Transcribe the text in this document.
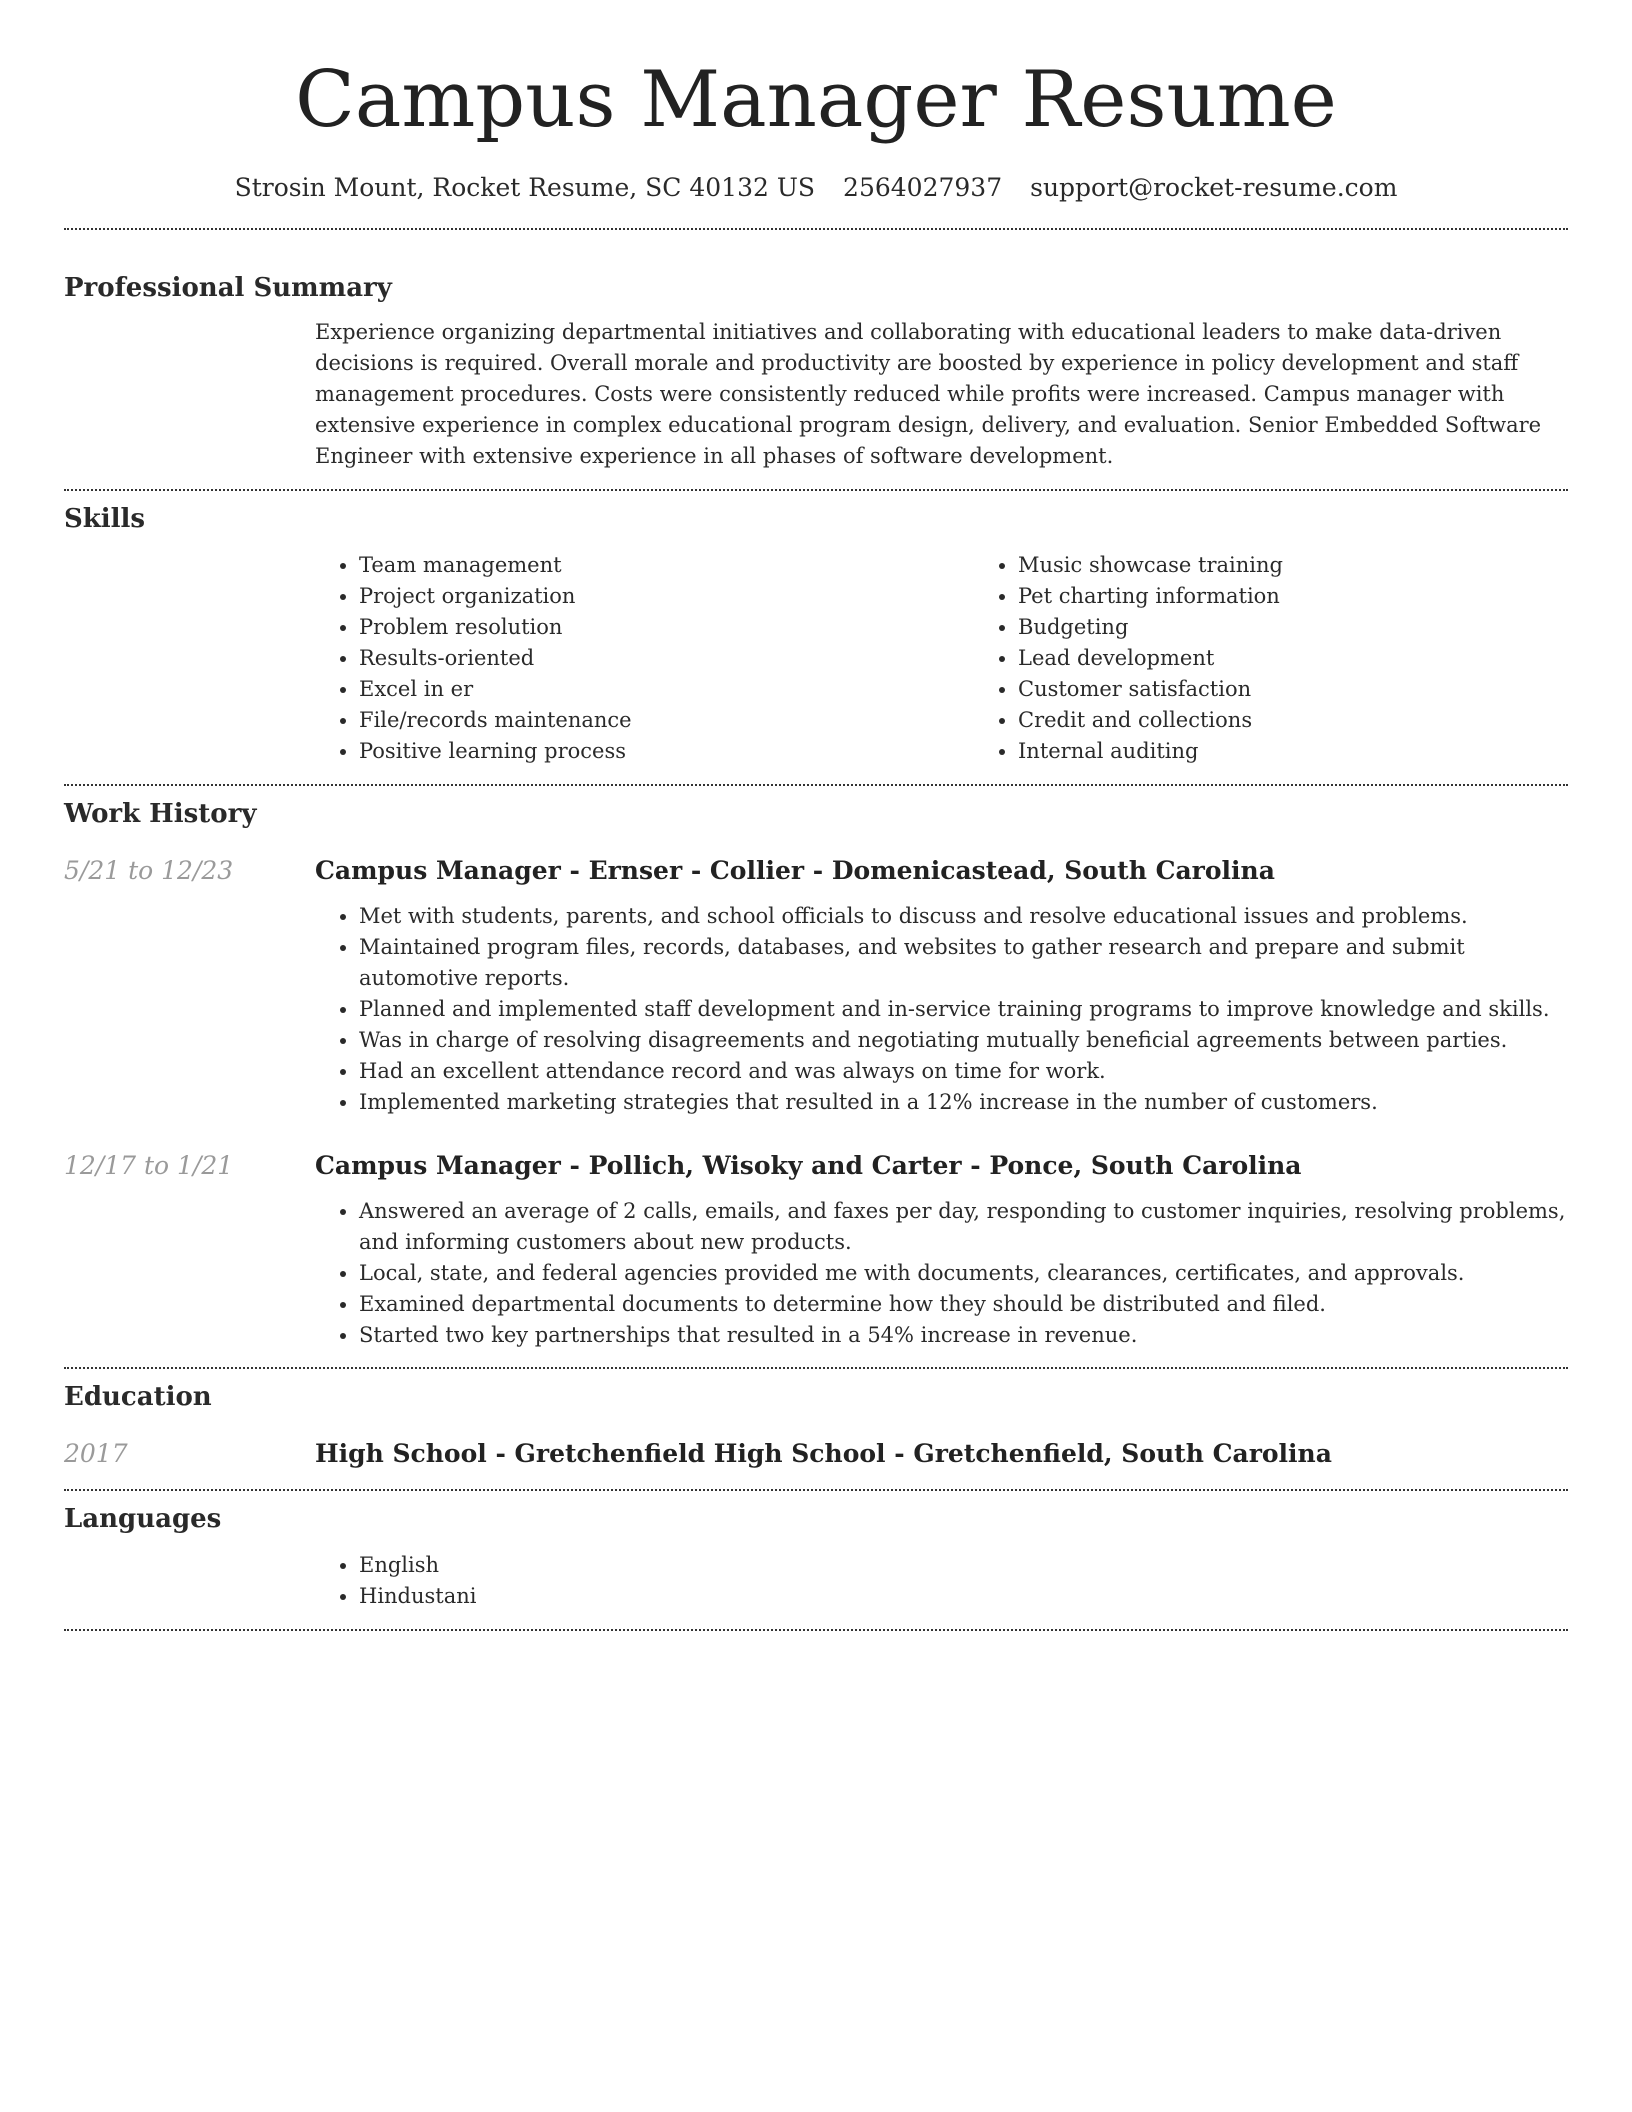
Campus Manager Resume
Strosin Mount, Rocket Resume, SC 40132 US 2564027937 support@rocket-resume.com
Professional Summary

Experience organizing departmental initiatives and collaborating with educational leaders to make data-driven decisions is required. Overall morale and productivity are boosted by experience in policy development and staff management procedures. Costs were consistently reduced while profits were increased. Campus manager with extensive experience in complex educational program design, delivery, and evaluation. Senior Embedded Software Engineer with extensive experience in all phases of software development.

Skills
• Team management
• Project organization
• Problem resolution
• Results-oriented
• Excel in er
• File/records maintenance
• Positive learning process
• Music showcase training
• Pet charting information
• Budgeting
• Lead development
• Customer satisfaction
• Credit and collections
• Internal auditing
Work History
5/21 to 12/23	Campus Manager - Ernser - Collier - Domenicastead, South Carolina
• Met with students, parents, and school officials to discuss and resolve educational issues and problems.
• Maintained program files, records, databases, and websites to gather research and prepare and submit automotive reports.
• Planned and implemented staff development and in-service training programs to improve knowledge and skills.
• Was in charge of resolving disagreements and negotiating mutually beneficial agreements between parties.
• Had an excellent attendance record and was always on time for work.
• Implemented marketing strategies that resulted in a 12% increase in the number of customers.
12/17 to 1/21	Campus Manager - Pollich, Wisoky and Carter - Ponce, South Carolina
• Answered an average of 2 calls, emails, and faxes per day, responding to customer inquiries, resolving problems, and informing customers about new products.
• Local, state, and federal agencies provided me with documents, clearances, certificates, and approvals.
• Examined departmental documents to determine how they should be distributed and filed.
• Started two key partnerships that resulted in a 54% increase in revenue.
Education
2017	High School - Gretchenfield High School - Gretchenfield, South Carolina
Languages
• English
• Hindustani
